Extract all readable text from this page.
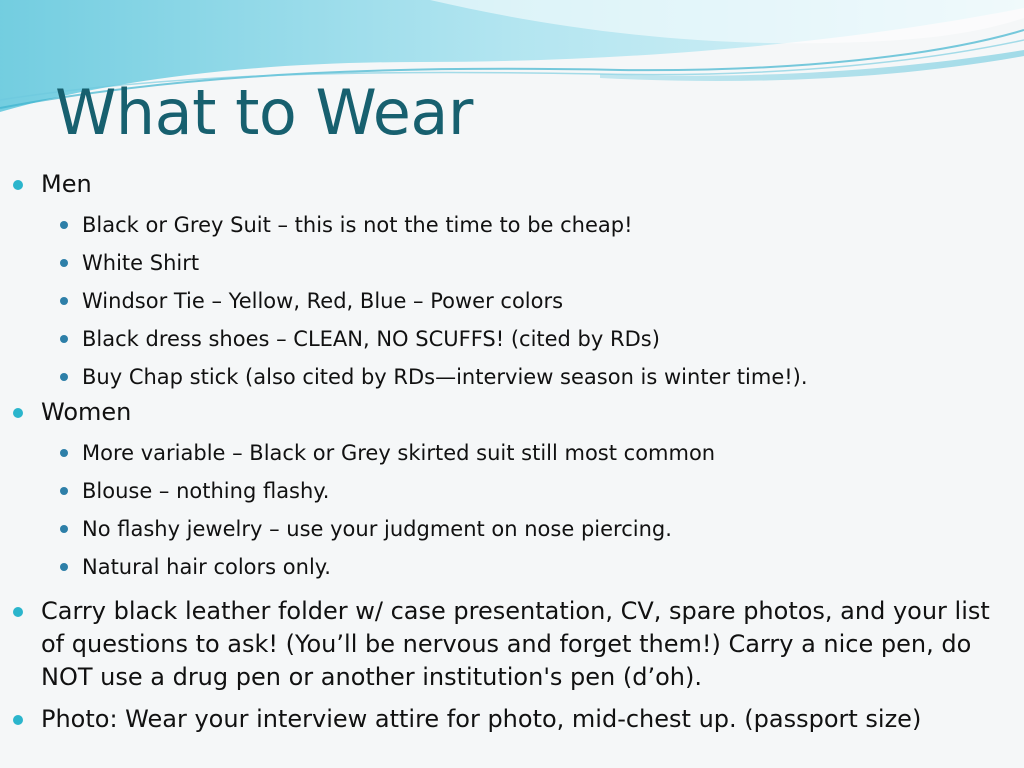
What to Wear
Men
Black or Grey Suit – this is not the time to be cheap!
White Shirt
Windsor Tie – Yellow, Red, Blue – Power colors
Black dress shoes – CLEAN, NO SCUFFS! (cited by RDs)
Buy Chap stick (also cited by RDs—interview season is winter time!).
Women
More variable – Black or Grey skirted suit still most common
Blouse – nothing flashy.
No flashy jewelry – use your judgment on nose piercing.
Natural hair colors only.
Carry black leather folder w/ case presentation, CV, spare photos, and your list of questions to ask! (You’ll be nervous and forget them!) Carry a nice pen, do NOT use a drug pen or another institution's pen (d’oh).
Photo: Wear your interview attire for photo, mid-chest up. (passport size)
